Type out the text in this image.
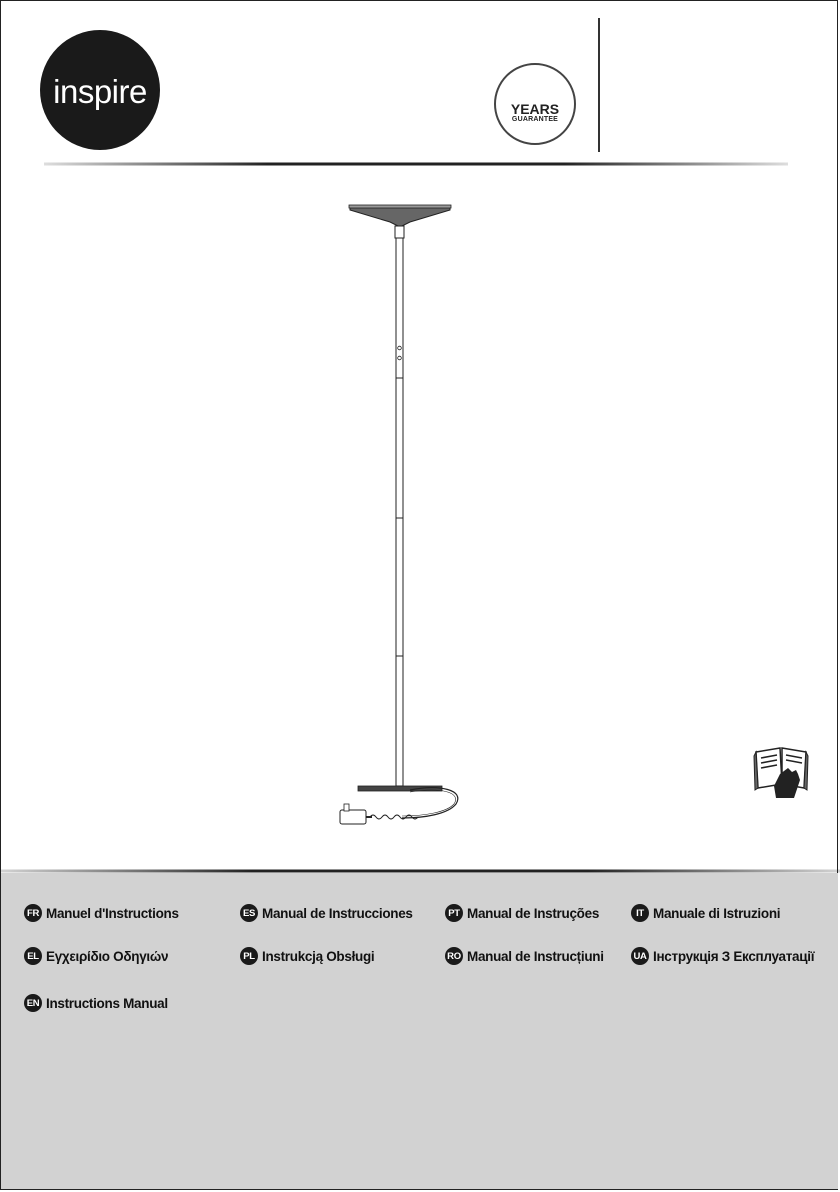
inspire	YEARS
GUARANTEE
FR Manuel d'Instructions	ES Manual de Instrucciones	PT Manual de Instruções	IT Manuale di Istruzioni
EL Εγχειρίδιο Οδηγιών	PL Instrukcją Obsługi	RO Manual de Instrucțiuni	UA Інструкція З Експлуатації
EN Instructions Manual
